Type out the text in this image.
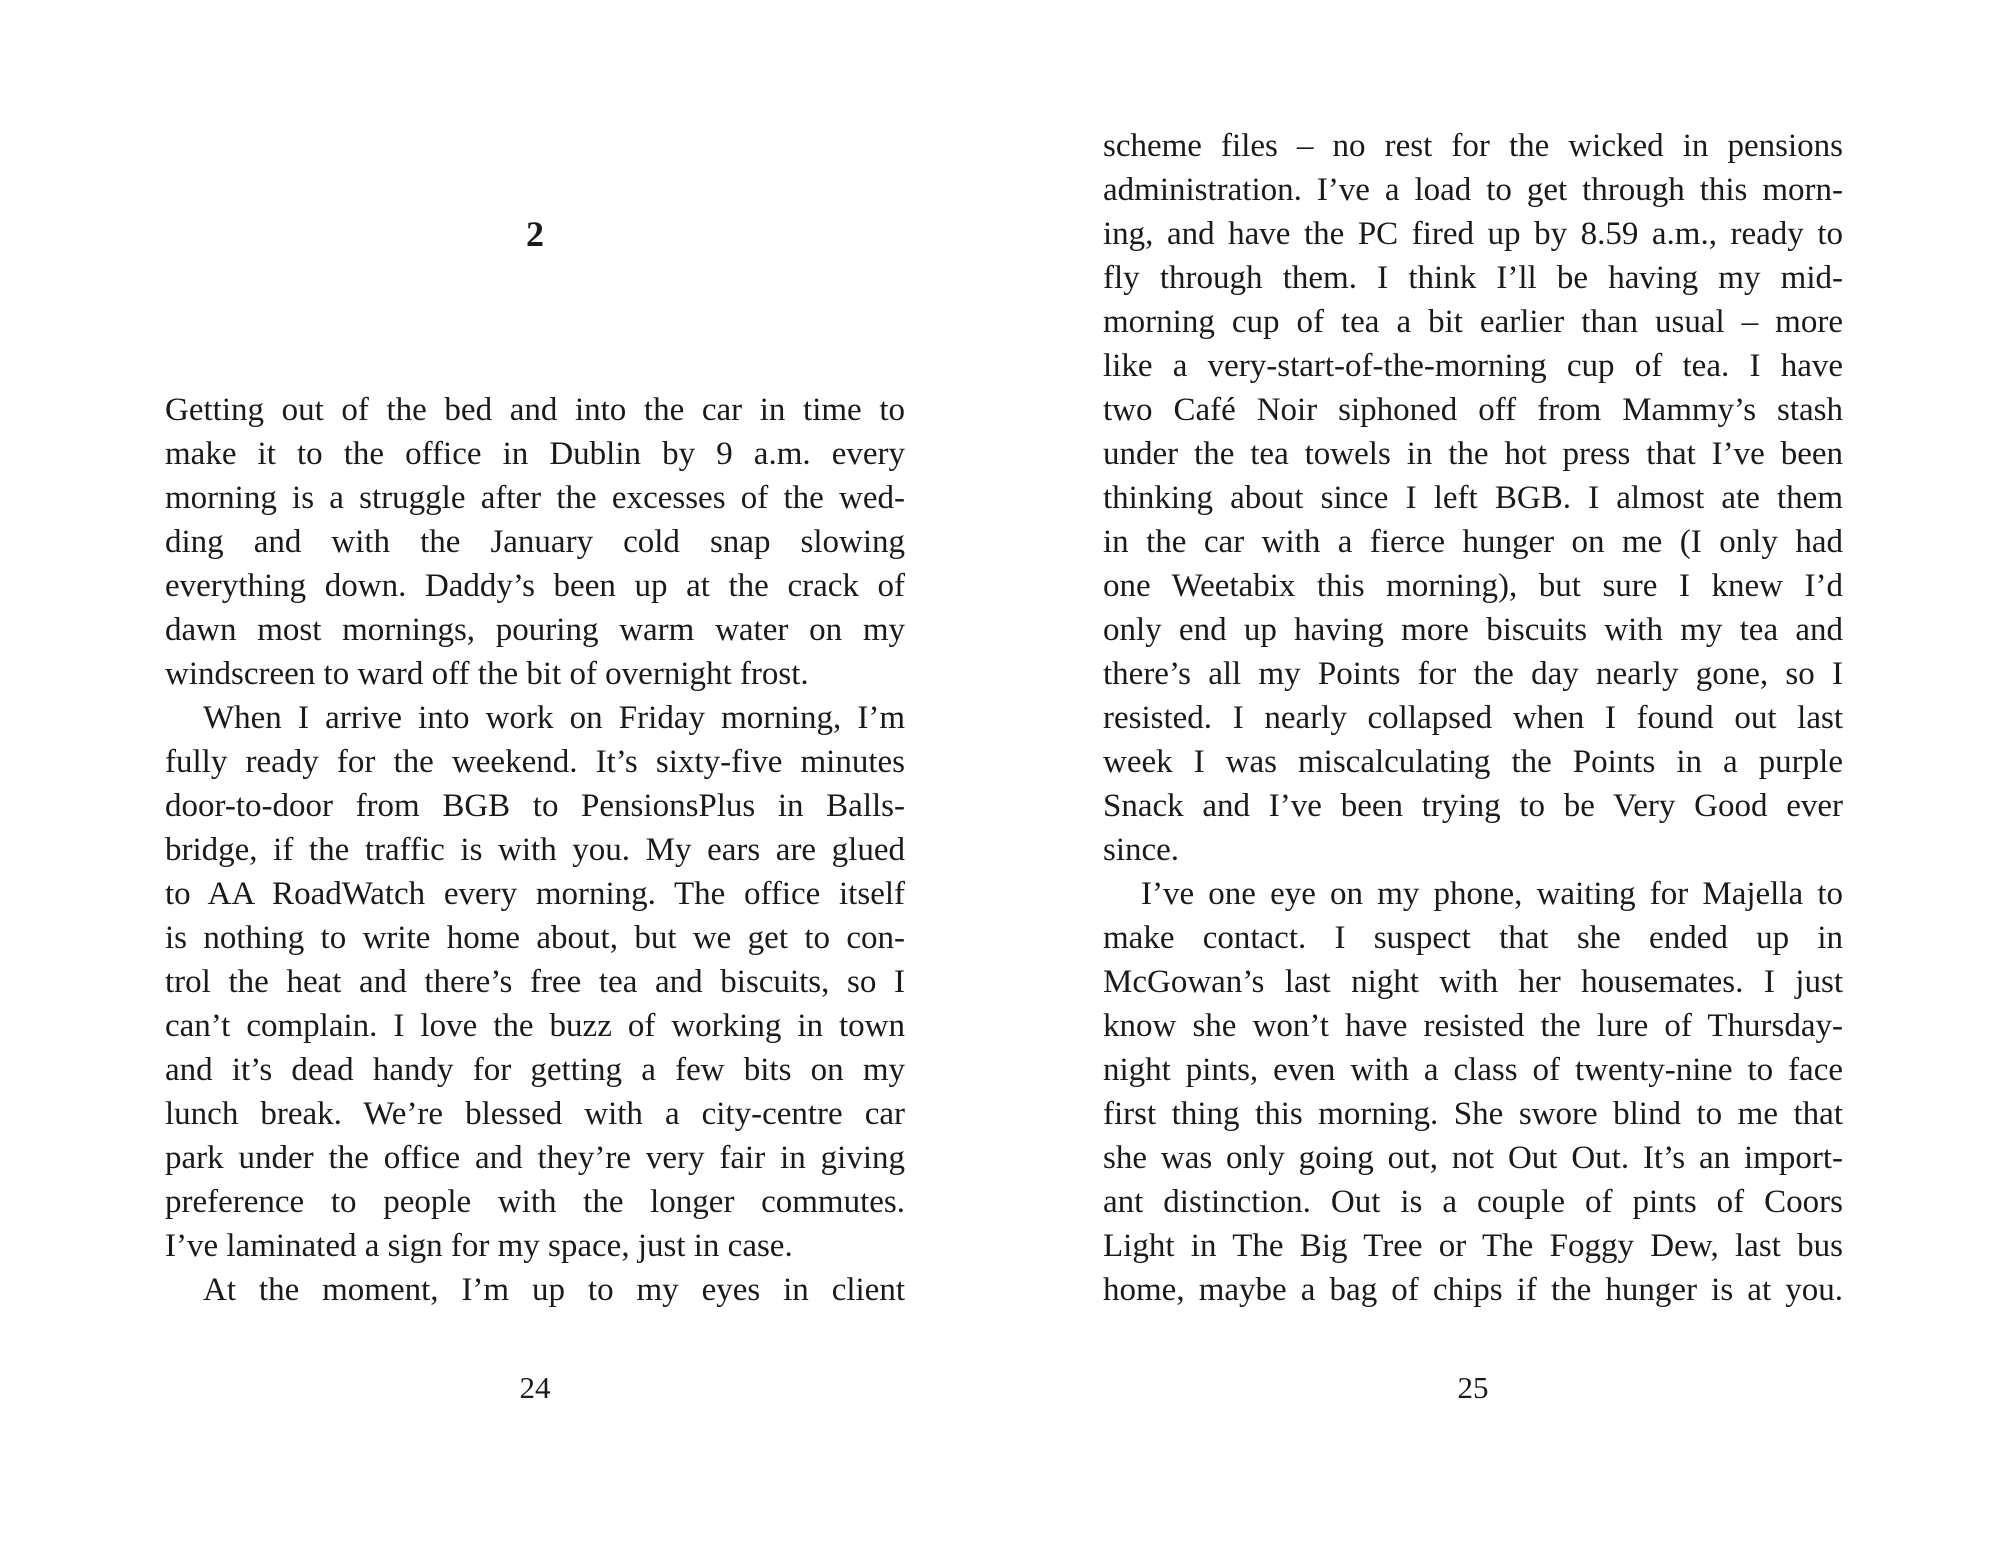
2

Getting out of the bed and into the car in time to
make it to the office in Dublin by 9 a.m. every
morning is a struggle after the excesses of the wed-
ding and with the January cold snap slowing
everything down. Daddy’s been up at the crack of
dawn most mornings, pouring warm water on my
windscreen to ward off the bit of overnight frost.

When I arrive into work on Friday morning, I’m
fully ready for the weekend. It’s sixty-five minutes
door-to-door from BGB to PensionsPlus in Balls-
bridge, if the traffic is with you. My ears are glued
to AA RoadWatch every morning. The office itself
is nothing to write home about, but we get to con-
trol the heat and there’s free tea and biscuits, so I
can’t complain. I love the buzz of working in town
and it’s dead handy for getting a few bits on my
lunch break. We’re blessed with a city-centre car
park under the office and they’re very fair in giving
preference to people with the longer commutes.
I’ve laminated a sign for my space, just in case.

At the moment, I’m up to my eyes in client

24

scheme files – no rest for the wicked in pensions
administration. I’ve a load to get through this morn-
ing, and have the PC fired up by 8.59 a.m., ready to
fly through them. I think I’ll be having my mid-
morning cup of tea a bit earlier than usual – more
like a very-start-of-the-morning cup of tea. I have
two Café Noir siphoned off from Mammy’s stash
under the tea towels in the hot press that I’ve been
thinking about since I left BGB. I almost ate them
in the car with a fierce hunger on me (I only had
one Weetabix this morning), but sure I knew I’d
only end up having more biscuits with my tea and
there’s all my Points for the day nearly gone, so I
resisted. I nearly collapsed when I found out last
week I was miscalculating the Points in a purple
Snack and I’ve been trying to be Very Good ever
since.

I’ve one eye on my phone, waiting for Majella to
make contact. I suspect that she ended up in
McGowan’s last night with her housemates. I just
know she won’t have resisted the lure of Thursday-
night pints, even with a class of twenty-nine to face
first thing this morning. She swore blind to me that
she was only going out, not Out Out. It’s an import-
ant distinction. Out is a couple of pints of Coors
Light in The Big Tree or The Foggy Dew, last bus
home, maybe a bag of chips if the hunger is at you.

25
